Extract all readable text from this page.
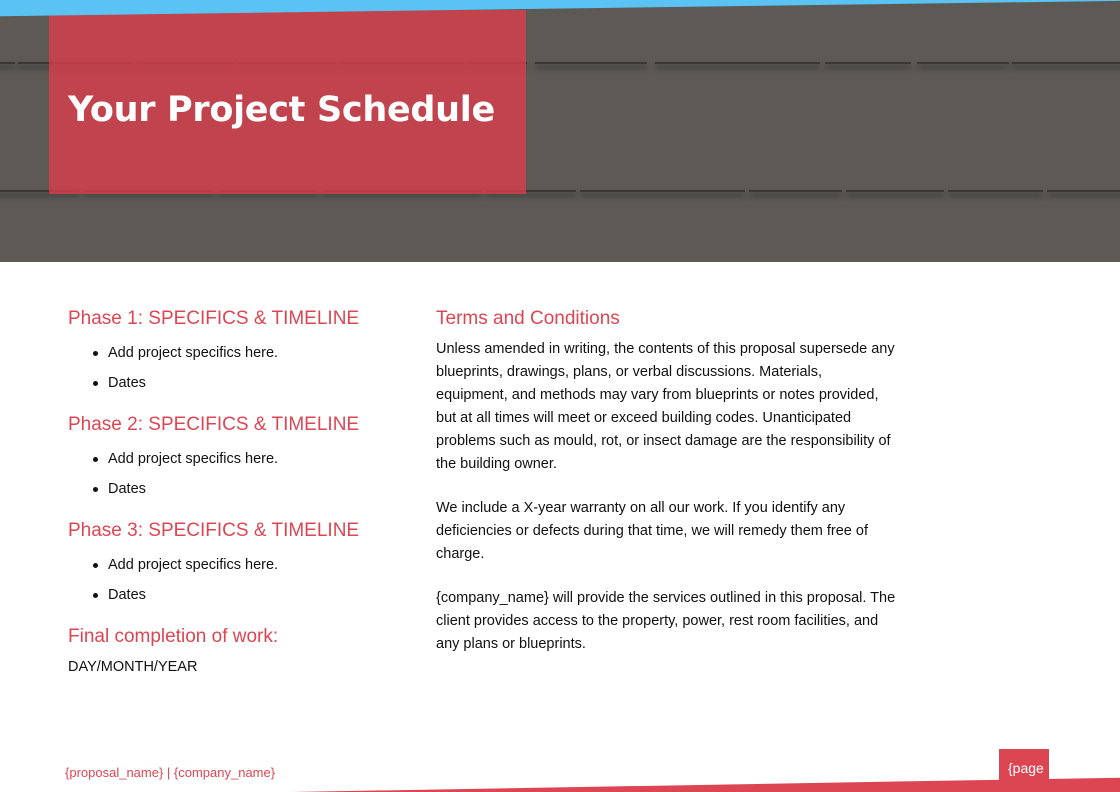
Your Project Schedule
Phase 1: SPECIFICS & TIMELINE
Add project specifics here.
Dates
Phase 2: SPECIFICS & TIMELINE
Add project specifics here.
Dates
Phase 3: SPECIFICS & TIMELINE
Add project specifics here.
Dates
Final completion of work:

DAY/MONTH/YEAR

Terms and Conditions

Unless amended in writing, the contents of this proposal supersede any blueprints, drawings, plans, or verbal discussions. Materials, equipment, and methods may vary from blueprints or notes provided, but at all times will meet or exceed building codes. Unanticipated problems such as mould, rot, or insect damage are the responsibility of the building owner.

We include a X-year warranty on all our work. If you identify any deficiencies or defects during that time, we will remedy them free of charge.

{company_name} will provide the services outlined in this proposal. The client provides access to the property, power, rest room facilities, and any plans or blueprints.

{proposal_name} | {company_name}	{page
